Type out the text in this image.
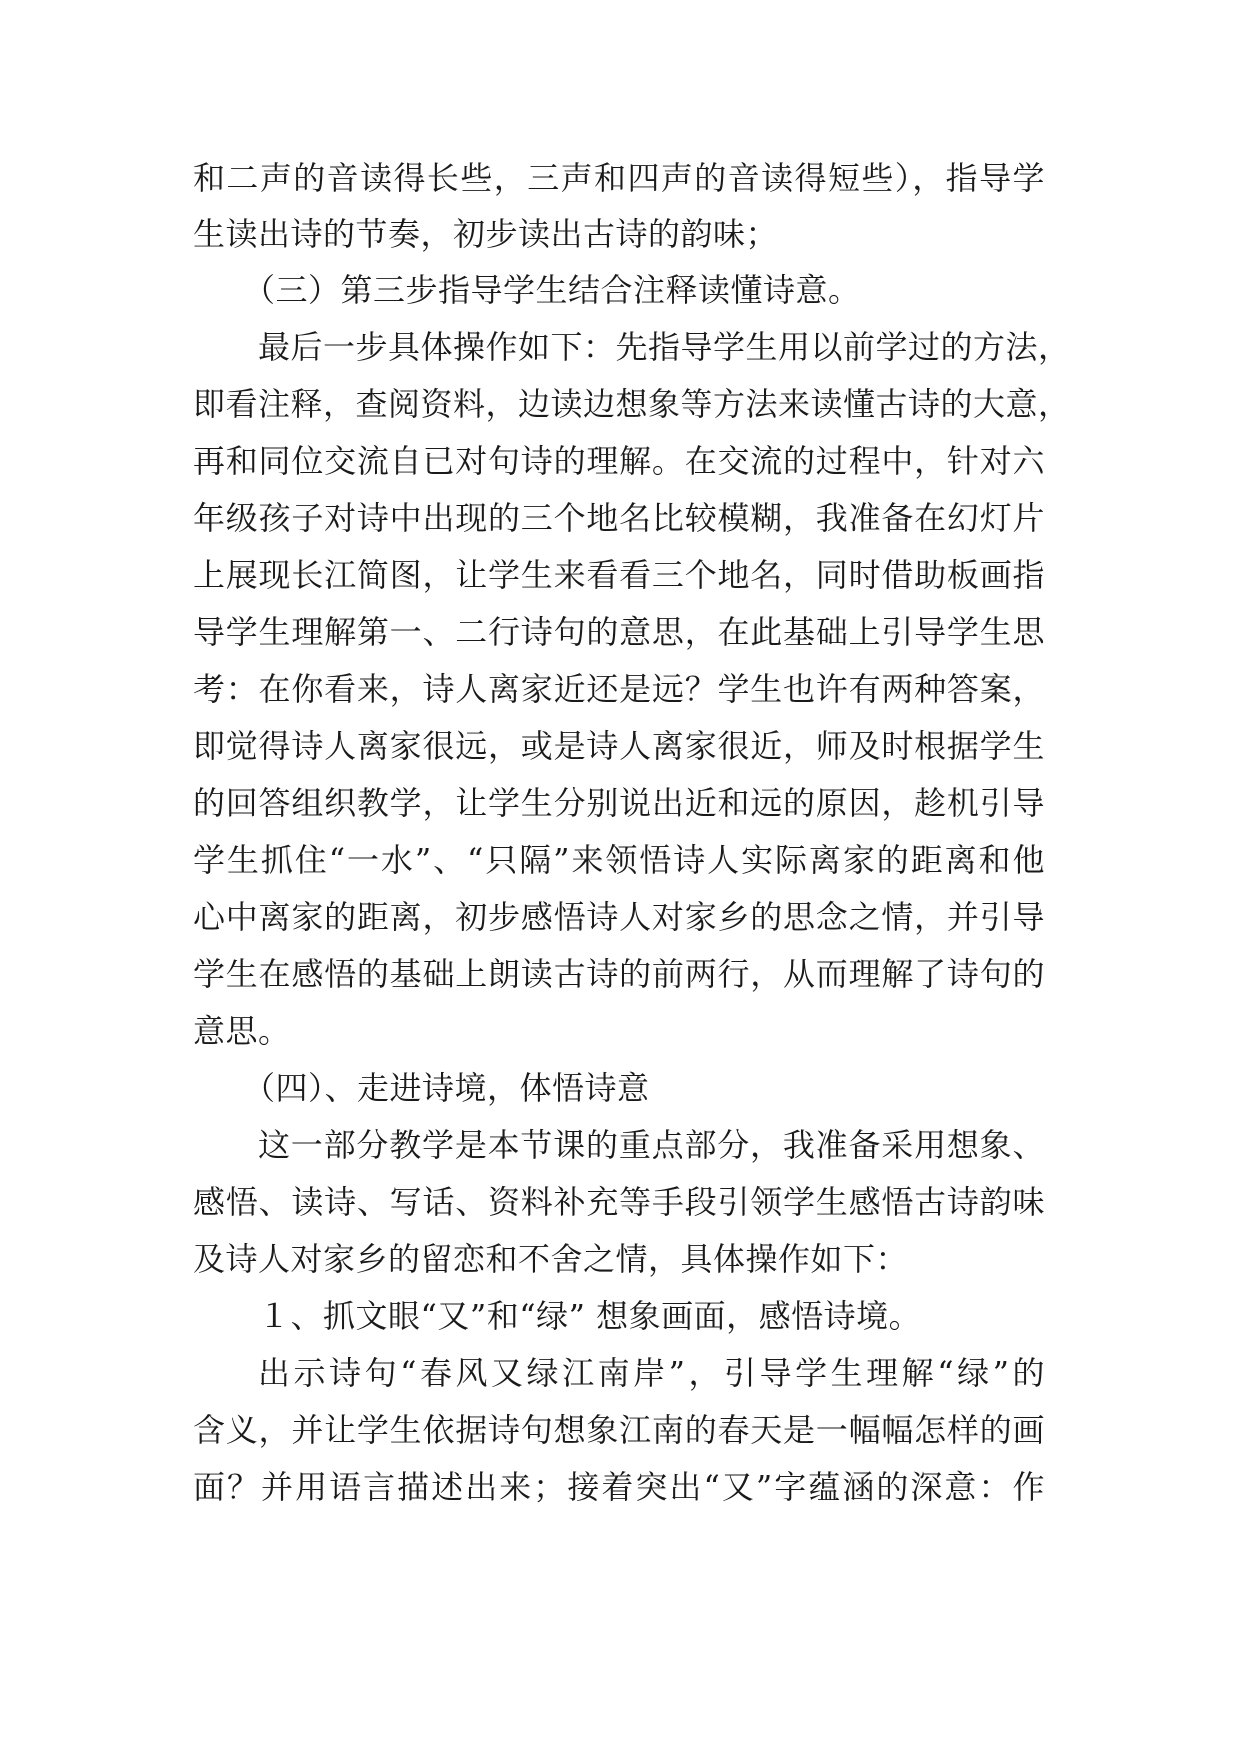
和二声的音读得长些，三声和四声的音读得短些），指导学
生读出诗的节奏，初步读出古诗的韵味；
（三）第三步指导学生结合注释读懂诗意。
最后一步具体操作如下：先指导学生用以前学过的方法，
即看注释，查阅资料，边读边想象等方法来读懂古诗的大意，
再和同位交流自已对句诗的理解。在交流的过程中，针对六
年级孩子对诗中出现的三个地名比较模糊，我准备在幻灯片
上展现长江简图，让学生来看看三个地名，同时借助板画指
导学生理解第一、二行诗句的意思，在此基础上引导学生思
考：在你看来，诗人离家近还是远？学生也许有两种答案，
即觉得诗人离家很远，或是诗人离家很近，师及时根据学生
的回答组织教学，让学生分别说出近和远的原因，趁机引导
学生抓住“一水”、“只隔”来领悟诗人实际离家的距离和他
心中离家的距离，初步感悟诗人对家乡的思念之情，并引导
学生在感悟的基础上朗读古诗的前两行，从而理解了诗句的
意思。
（四）、走进诗境，体悟诗意
这一部分教学是本节课的重点部分，我准备采用想象、
感悟、读诗、写话、资料补充等手段引领学生感悟古诗韵味
及诗人对家乡的留恋和不舍之情，具体操作如下：
１、抓文眼“又”和“绿” 想象画面，感悟诗境。
出示诗句“春风又绿江南岸”，引导学生理解“绿”的
含义，并让学生依据诗句想象江南的春天是一幅幅怎样的画
面？并用语言描述出来；接着突出“又”字蕴涵的深意：作
